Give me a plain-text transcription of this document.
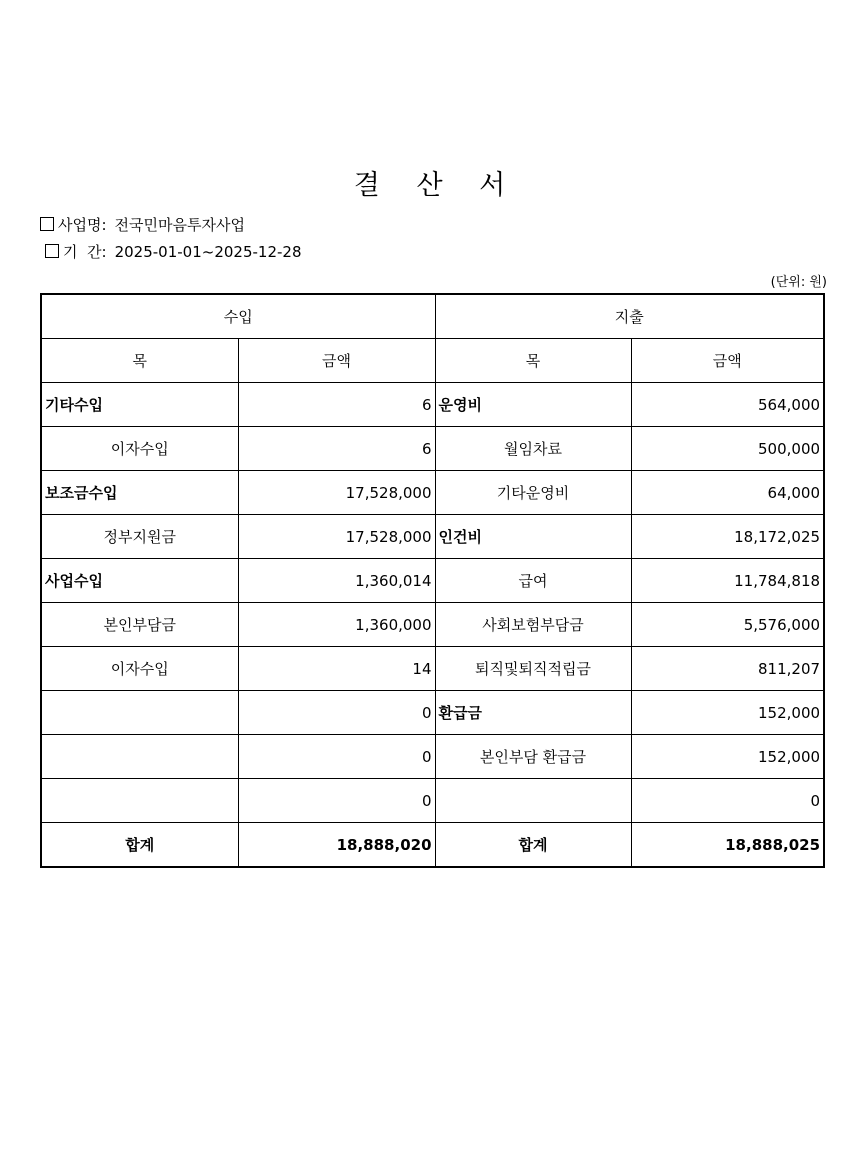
결 산 서
사업명: 전국민마음투자사업
기  간: 2025-01-01~2025-12-28
(단위: 원)
수입		지출	
목	금액	목	금액
기타수입	6	운영비	564,000
이자수입	6	월임차료	500,000
보조금수입	17,528,000	기타운영비	64,000
정부지원금	17,528,000	인건비	18,172,025
사업수입	1,360,014	급여	11,784,818
본인부담금	1,360,000	사회보험부담금	5,576,000
이자수입	14	퇴직및퇴직적립금	811,207
	0	환급금	152,000
	0	본인부담 환급금	152,000
	0		0
합계	18,888,020	합계	18,888,025
